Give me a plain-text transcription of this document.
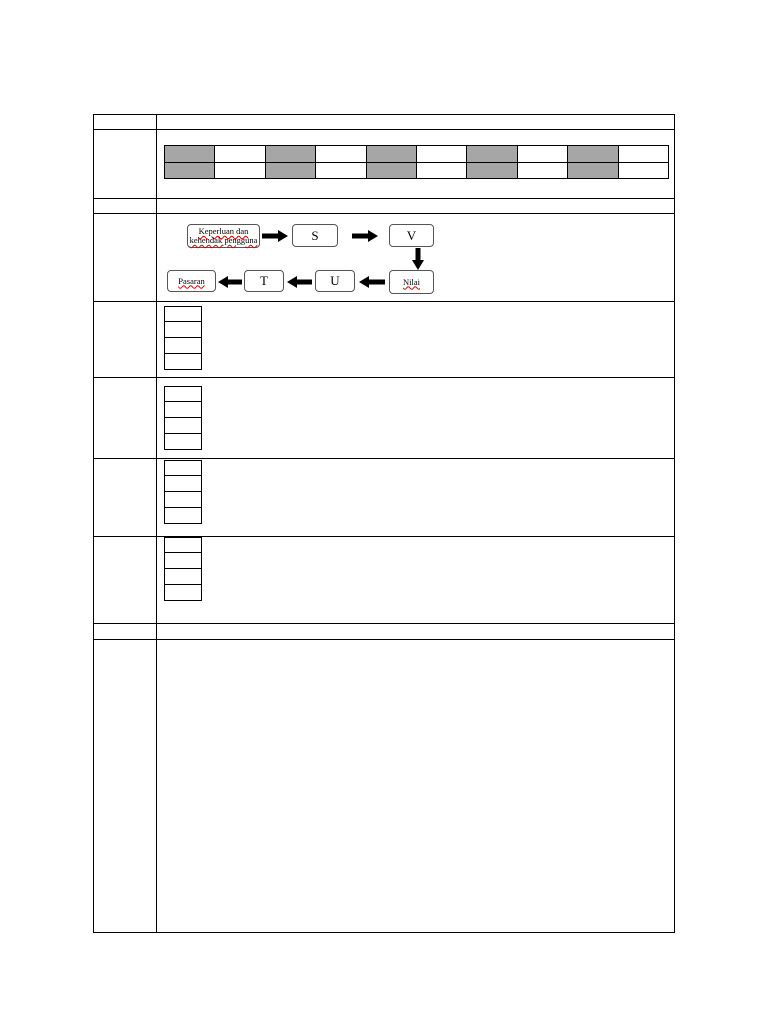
Keperluan dan
kehendak pengguna	S	V
Nilai
U
T
Pasaran
